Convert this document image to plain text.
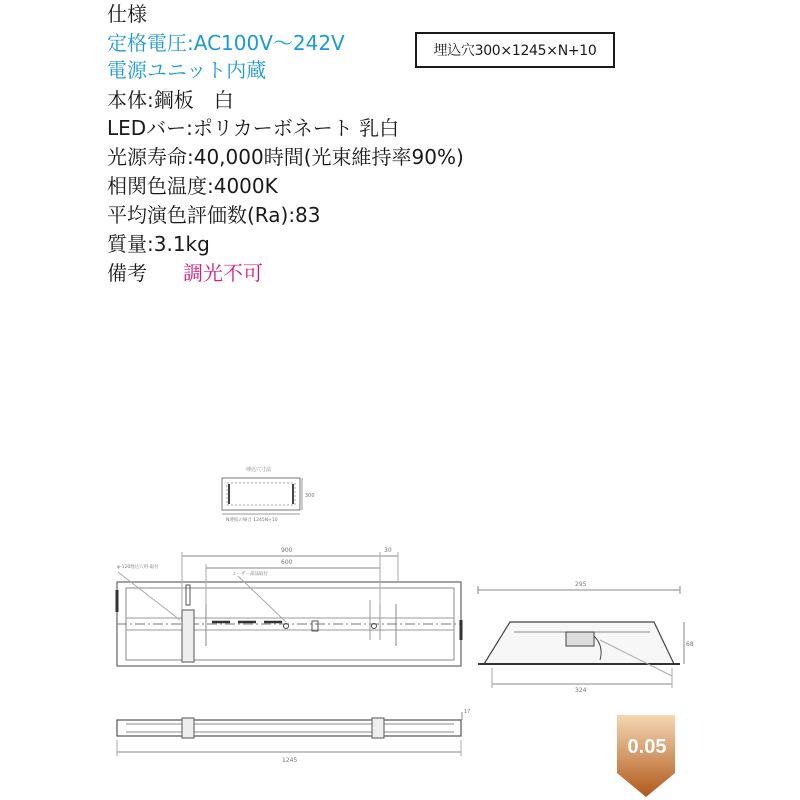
仕様
定格電圧:AC100V〜242V
電源ユニット内蔵
本体:鋼板　白
LEDバー:ポリカーボネート 乳白
光源寿命:40,000時間(光束維持率90%)
相関色温度:4000K
平均演色評価数(Ra):83
質量:3.1kg
備考 調光不可
埋込穴300×1245×N+10
埋込穴寸法
300
N連結の場合 1245N+10
900
600
30
φ-120埋込穴用-取付
ユーザー部品取付
295
324
68
1245
17
0.05
